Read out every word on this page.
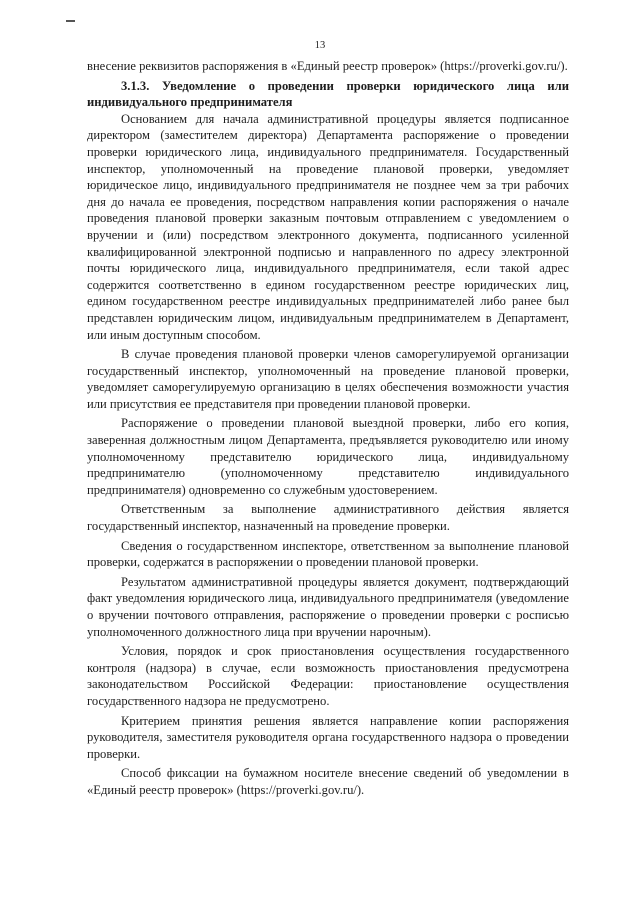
13

внесение реквизитов распоряжения в «Единый реестр проверок» (https://proverki.gov.ru/).

3.1.3. Уведомление о проведении проверки юридического лица или индивидуального предпринимателя

Основанием для начала административной процедуры является подписанное директором (заместителем директора) Департамента распоряжение о проведении проверки юридического лица, индивидуального предпринимателя. Государственный инспектор, уполномоченный на проведение плановой проверки, уведомляет юридическое лицо, индивидуального предпринимателя не позднее чем за три рабочих дня до начала ее проведения, посредством направления копии распоряжения о начале проведения плановой проверки заказным почтовым отправлением с уведомлением о вручении и (или) посредством электронного документа, подписанного усиленной квалифицированной электронной подписью и направленного по адресу электронной почты юридического лица, индивидуального предпринимателя, если такой адрес содержится соответственно в едином государственном реестре юридических лиц, едином государственном реестре индивидуальных предпринимателей либо ранее был представлен юридическим лицом, индивидуальным предпринимателем в Департамент, или иным доступным способом.

В случае проведения плановой проверки членов саморегулируемой организации государственный инспектор, уполномоченный на проведение плановой проверки, уведомляет саморегулируемую организацию в целях обеспечения возможности участия или присутствия ее представителя при проведении плановой проверки.

Распоряжение о проведении плановой выездной проверки, либо его копия, заверенная должностным лицом Департамента, предъявляется руководителю или иному уполномоченному представителю юридического лица, индивидуальному предпринимателю (уполномоченному представителю индивидуального предпринимателя) одновременно со служебным удостоверением.

Ответственным за выполнение административного действия является государственный инспектор, назначенный на проведение проверки.

Сведения о государственном инспекторе, ответственном за выполнение плановой проверки, содержатся в распоряжении о проведении плановой проверки.

Результатом административной процедуры является документ, подтверждающий факт уведомления юридического лица, индивидуального предпринимателя (уведомление о вручении почтового отправления, распоряжение о проведении проверки с росписью уполномоченного должностного лица при вручении нарочным).

Условия, порядок и срок приостановления осуществления государственного контроля (надзора) в случае, если возможность приостановления предусмотрена законодательством Российской Федерации: приостановление осуществления государственного надзора не предусмотрено.

Критерием принятия решения является направление копии распоряжения руководителя, заместителя руководителя органа государственного надзора о проведении проверки.

Способ фиксации на бумажном носителе внесение сведений об уведомлении в «Единый реестр проверок» (https://proverki.gov.ru/).
